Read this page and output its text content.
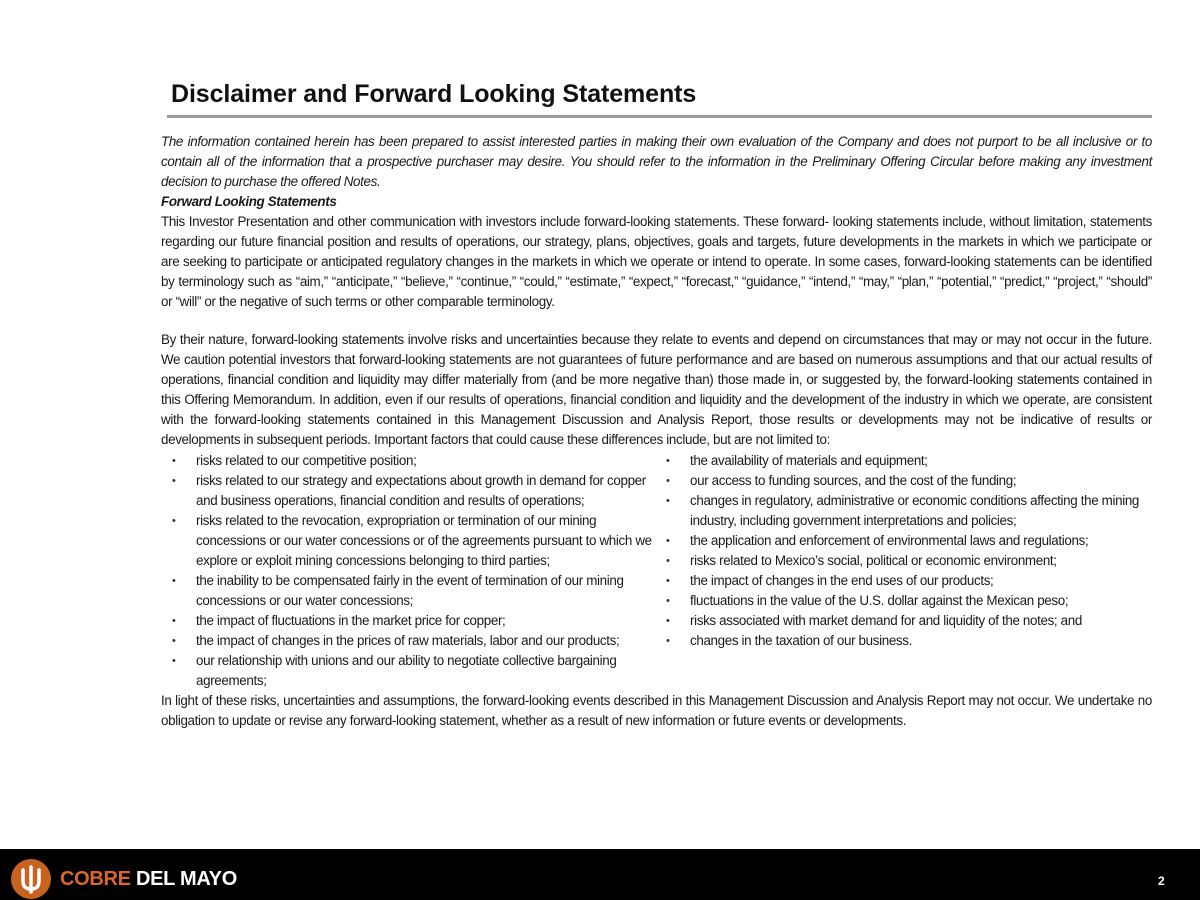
Disclaimer and Forward Looking Statements

The information contained herein has been prepared to assist interested parties in making their own evaluation of the Company and does not purport to be all inclusive or to contain all of the information that a prospective purchaser may desire. You should refer to the information in the Preliminary Offering Circular before making any investment decision to purchase the offered Notes.

Forward Looking Statements

This Investor Presentation and other communication with investors include forward-looking statements. These forward- looking statements include, without limitation, statements regarding our future financial position and results of operations, our strategy, plans, objectives, goals and targets, future developments in the markets in which we participate or are seeking to participate or anticipated regulatory changes in the markets in which we operate or intend to operate. In some cases, forward-looking statements can be identified by terminology such as “aim,” “anticipate,” “believe,” “continue,” “could,” “estimate,” “expect,” “forecast,” “guidance,” “intend,” “may,” “plan,” “potential,” “predict,” “project,” “should” or “will” or the negative of such terms or other comparable terminology.

By their nature, forward-looking statements involve risks and uncertainties because they relate to events and depend on circumstances that may or may not occur in the future. We caution potential investors that forward-looking statements are not guarantees of future performance and are based on numerous assumptions and that our actual results of operations, financial condition and liquidity may differ materially from (and be more negative than) those made in, or suggested by, the forward-looking statements contained in this Offering Memorandum. In addition, even if our results of operations, financial condition and liquidity and the development of the industry in which we operate, are consistent with the forward-looking statements contained in this Management Discussion and Analysis Report, those results or developments may not be indicative of results or developments in subsequent periods. Important factors that could cause these differences include, but are not limited to:

• risks related to our competitive position;
• risks related to our strategy and expectations about growth in demand for copper and business operations, financial condition and results of operations;
• risks related to the revocation, expropriation or termination of our mining concessions or our water concessions or of the agreements pursuant to which we explore or exploit mining concessions belonging to third parties;
• the inability to be compensated fairly in the event of termination of our mining concessions or our water concessions;
• the impact of fluctuations in the market price for copper;
• the impact of changes in the prices of raw materials, labor and our products;
• our relationship with unions and our ability to negotiate collective bargaining agreements;
• the availability of materials and equipment;
• our access to funding sources, and the cost of the funding;
• changes in regulatory, administrative or economic conditions affecting the mining industry, including government interpretations and policies;
• the application and enforcement of environmental laws and regulations;
• risks related to Mexico’s social, political or economic environment;
• the impact of changes in the end uses of our products;
• fluctuations in the value of the U.S. dollar against the Mexican peso;
• risks associated with market demand for and liquidity of the notes; and
• changes in the taxation of our business.

In light of these risks, uncertainties and assumptions, the forward-looking events described in this Management Discussion and Analysis Report may not occur. We undertake no obligation to update or revise any forward-looking statement, whether as a result of new information or future events or developments.

COBRE DEL MAYO	2
